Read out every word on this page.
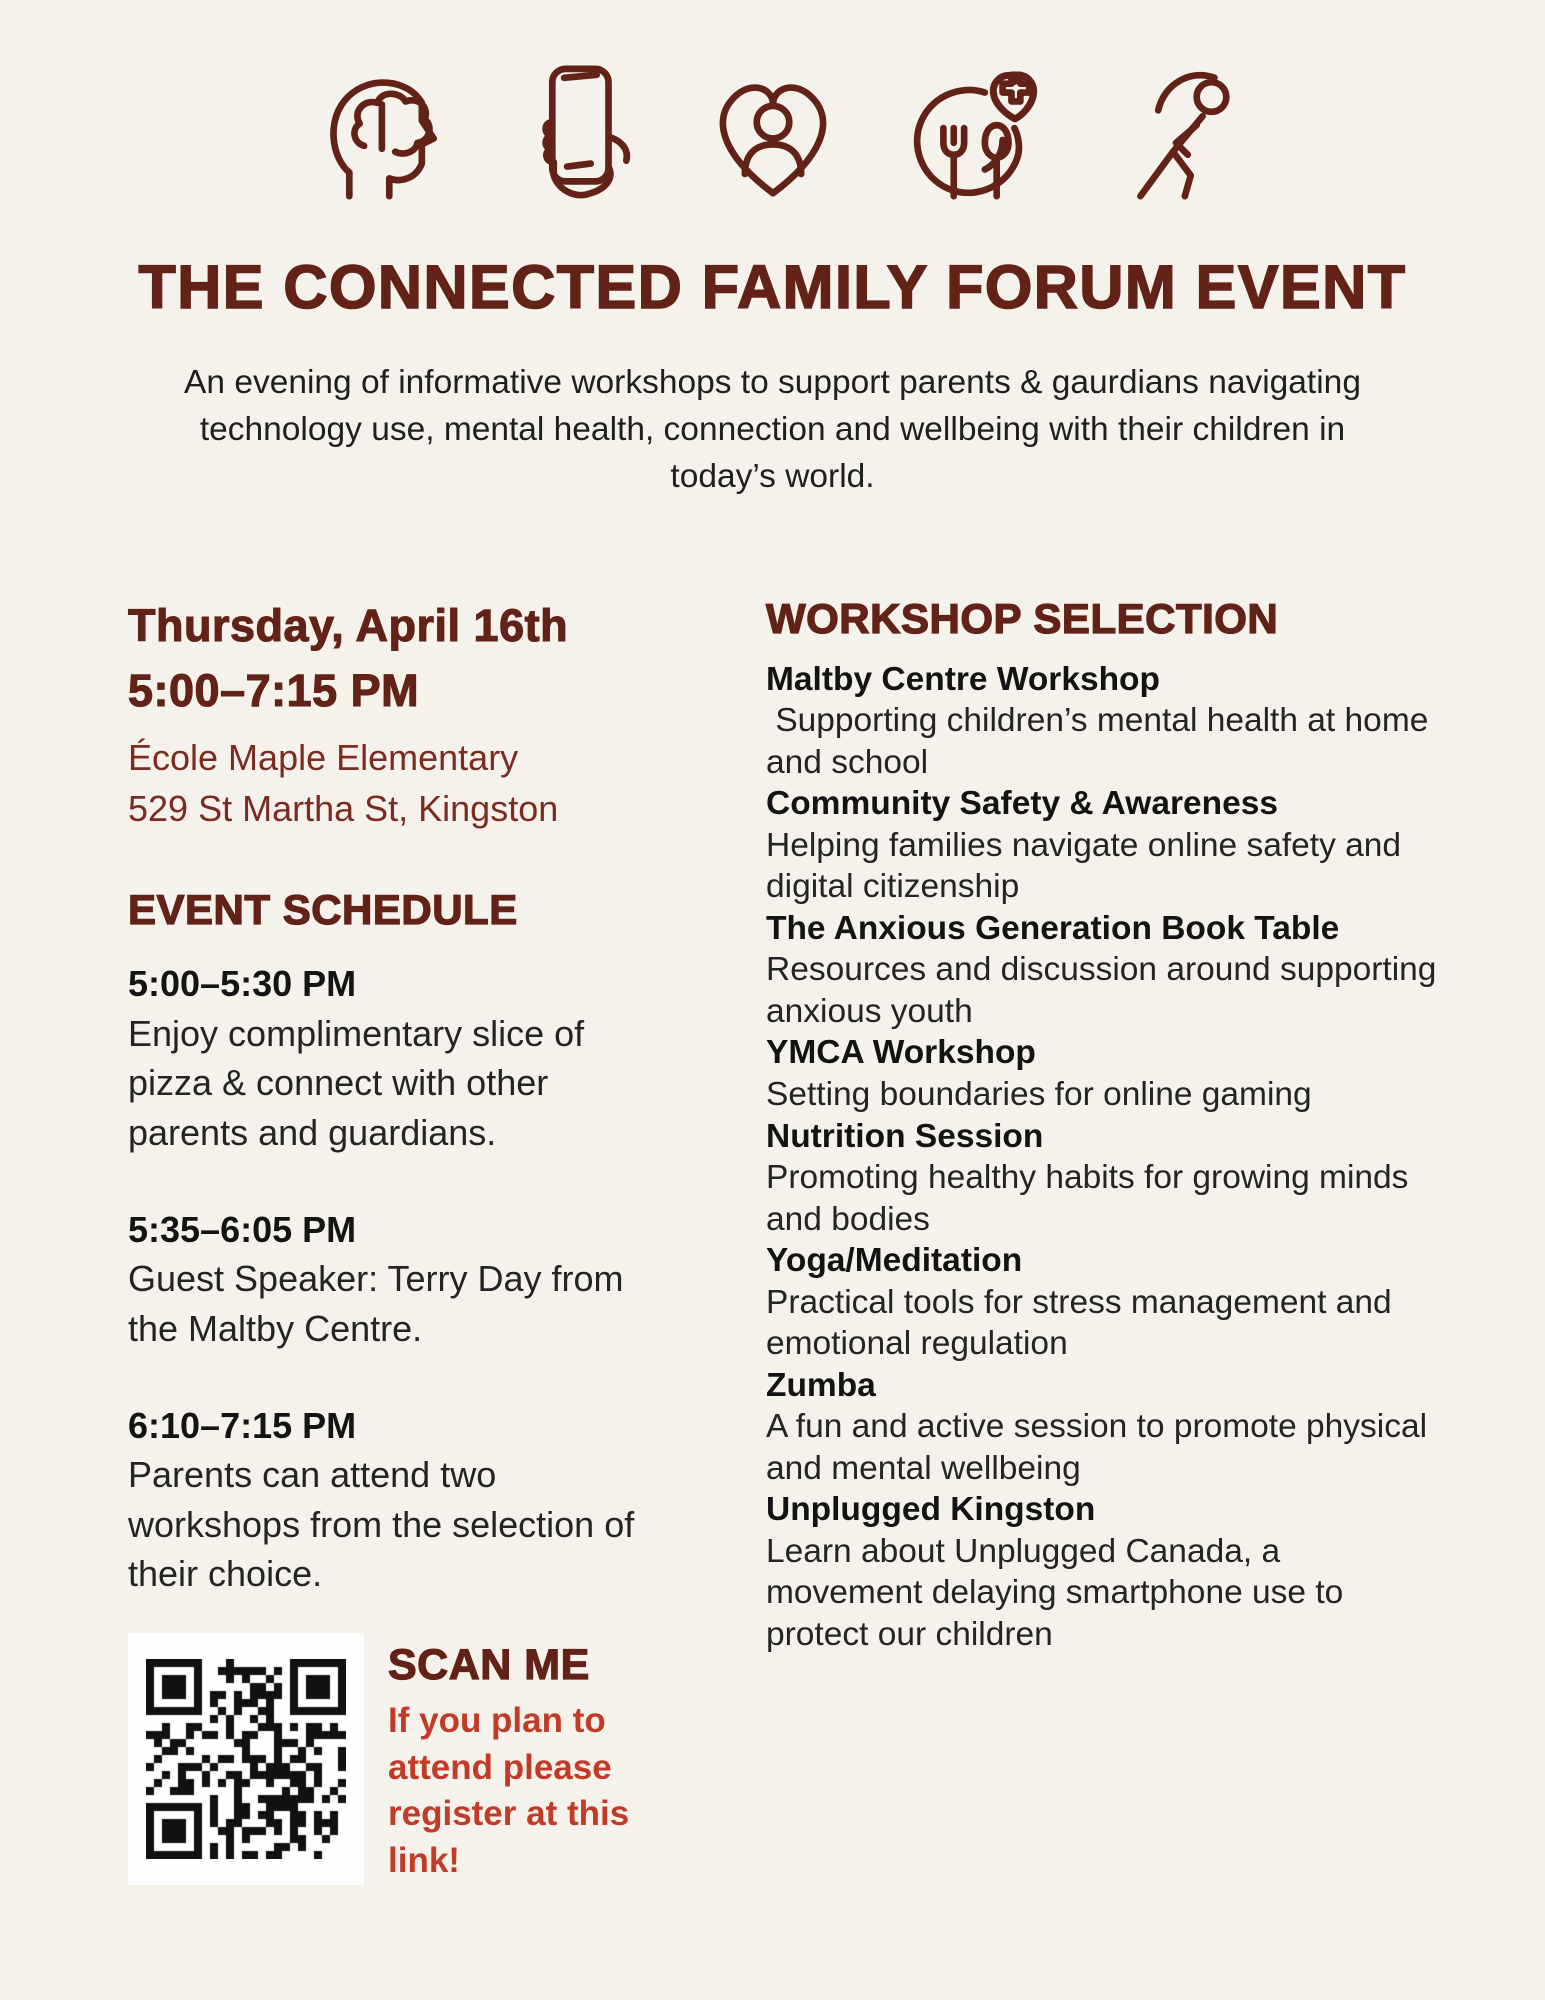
THE CONNECTED FAMILY FORUM EVENT
An evening of informative workshops to support parents & gaurdians navigating technology use, mental health, connection and wellbeing with their children in today’s world.
Thursday, April 16th
5:00–7:15 PM
École Maple Elementary
529 St Martha St, Kingston
EVENT SCHEDULE
5:00–5:30 PM
Enjoy complimentary slice of pizza & connect with other parents and guardians.
5:35–6:05 PM
Guest Speaker: Terry Day from the Maltby Centre.
6:10–7:15 PM
Parents can attend two workshops from the selection of their choice.
SCAN ME
If you plan to attend please register at this link!
WORKSHOP SELECTION
Maltby Centre Workshop
Supporting children’s mental health at home and school
Community Safety & Awareness
Helping families navigate online safety and digital citizenship
The Anxious Generation Book Table
Resources and discussion around supporting anxious youth
YMCA Workshop
Setting boundaries for online gaming
Nutrition Session
Promoting healthy habits for growing minds and bodies
Yoga/Meditation
Practical tools for stress management and emotional regulation
Zumba
A fun and active session to promote physical and mental wellbeing
Unplugged Kingston
Learn about Unplugged Canada, a movement delaying smartphone use to protect our children
